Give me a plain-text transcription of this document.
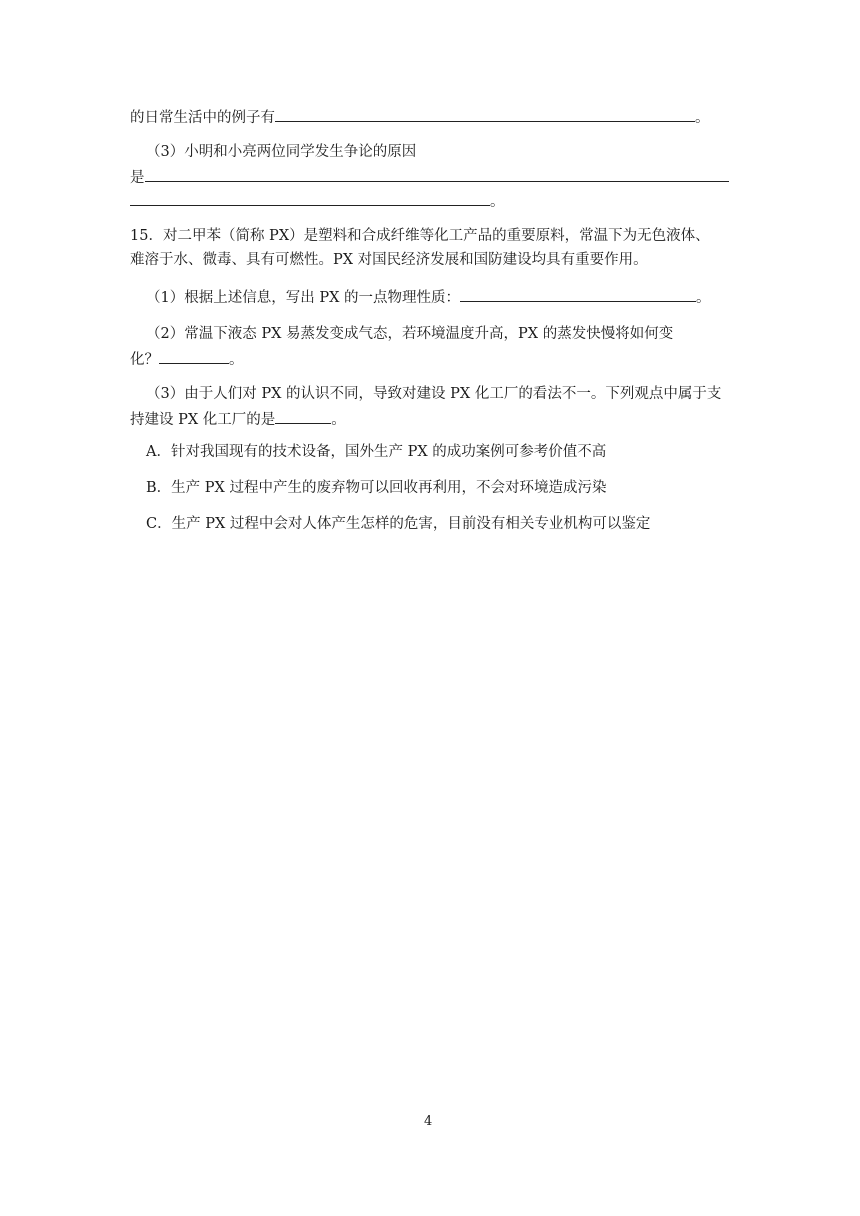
的日常生活中的例子有	。
（3）小明和小亮两位同学发生争论的原因
是
。
15．对二甲苯（简称 PX）是塑料和合成纤维等化工产品的重要原料，常温下为无色液体、
难溶于水、微毒、具有可燃性。PX 对国民经济发展和国防建设均具有重要作用。
（1）根据上述信息，写出 PX 的一点物理性质：	。
（2）常温下液态 PX 易蒸发变成气态，若环境温度升高，PX 的蒸发快慢将如何变
化？	。
（3）由于人们对 PX 的认识不同，导致对建设 PX 化工厂的看法不一。下列观点中属于支
持建设 PX 化工厂的是	。
A．针对我国现有的技术设备，国外生产 PX 的成功案例可参考价值不高
B．生产 PX 过程中产生的废弃物可以回收再利用，不会对环境造成污染
C．生产 PX 过程中会对人体产生怎样的危害，目前没有相关专业机构可以鉴定
4
